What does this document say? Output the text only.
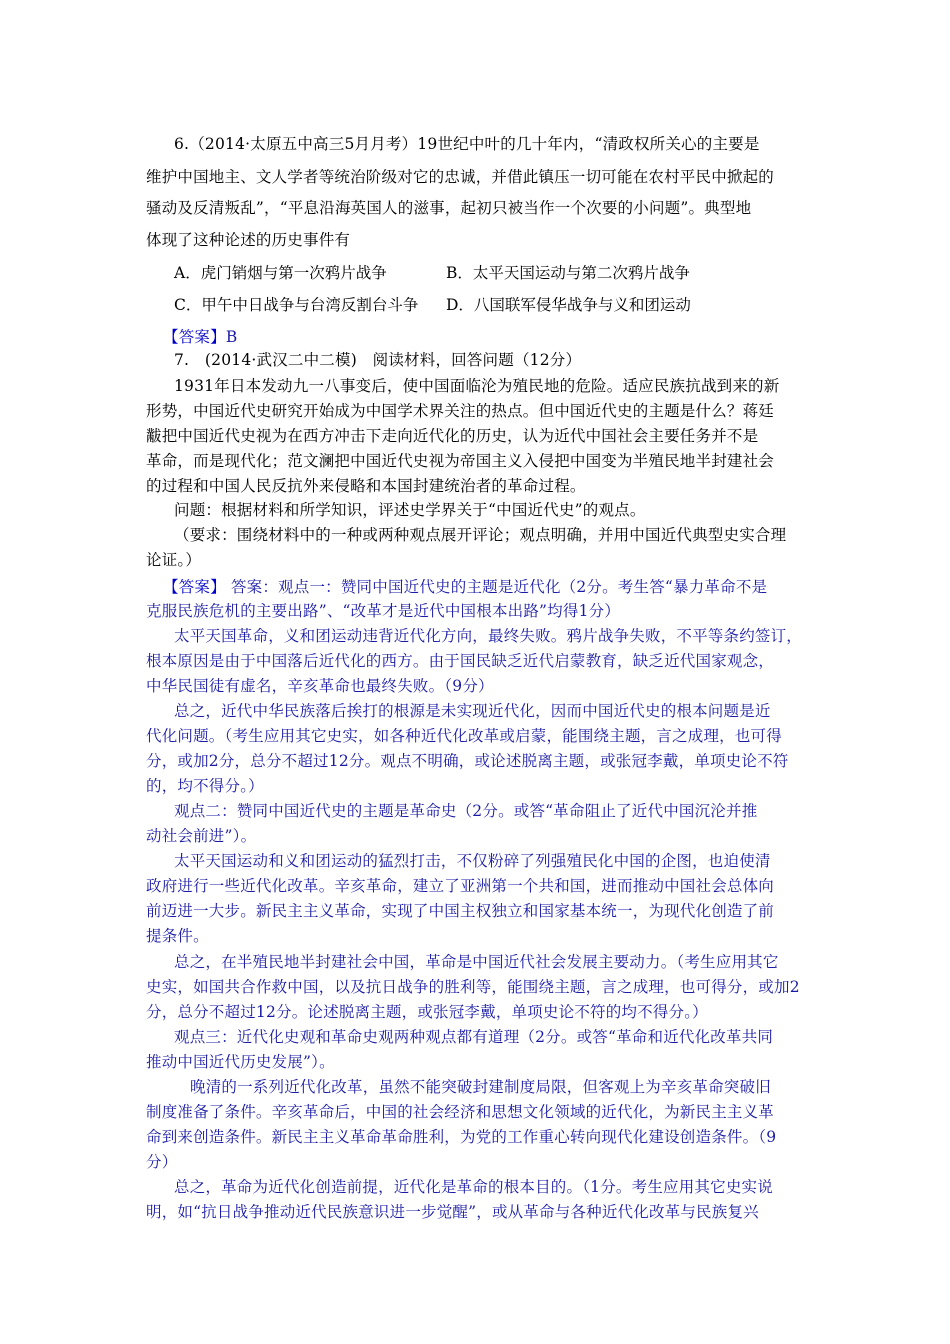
6.（2014·太原五中高三5月月考）19世纪中叶的几十年内，“清政权所关心的主要是
维护中国地主、文人学者等统治阶级对它的忠诚，并借此镇压一切可能在农村平民中掀起的
骚动及反清叛乱”，“平息沿海英国人的滋事，起初只被当作一个次要的小问题”。典型地
体现了这种论述的历史事件有
A．虎门销烟与第一次鸦片战争	B．太平天国运动与第二次鸦片战争
C．甲午中日战争与台湾反割台斗争 D．八国联军侵华战争与义和团运动
【答案】B
7.　(2014·武汉二中二模)　阅读材料，回答问题（12分）
1931年日本发动九一八事变后，使中国面临沦为殖民地的危险。适应民族抗战到来的新
形势，中国近代史研究开始成为中国学术界关注的热点。但中国近代史的主题是什么？蒋廷
黻把中国近代史视为在西方冲击下走向近代化的历史，认为近代中国社会主要任务并不是
革命，而是现代化；范文澜把中国近代史视为帝国主义入侵把中国变为半殖民地半封建社会
的过程和中国人民反抗外来侵略和本国封建统治者的革命过程。
问题：根据材料和所学知识，评述史学界关于“中国近代史”的观点。
（要求：围绕材料中的一种或两种观点展开评论；观点明确，并用中国近代典型史实合理
论证。）
【答案】 答案：观点一：赞同中国近代史的主题是近代化（2分。考生答“暴力革命不是
克服民族危机的主要出路”、“改革才是近代中国根本出路”均得1分）
太平天国革命，义和团运动违背近代化方向，最终失败。鸦片战争失败，不平等条约签订，
根本原因是由于中国落后近代化的西方。由于国民缺乏近代启蒙教育，缺乏近代国家观念，
中华民国徒有虚名，辛亥革命也最终失败。（9分）
总之，近代中华民族落后挨打的根源是未实现近代化，因而中国近代史的根本问题是近
代化问题。（考生应用其它史实，如各种近代化改革或启蒙，能围绕主题，言之成理，也可得
分，或加2分，总分不超过12分。观点不明确，或论述脱离主题，或张冠李戴，单项史论不符
的，均不得分。）
观点二：赞同中国近代史的主题是革命史（2分。或答“革命阻止了近代中国沉沦并推
动社会前进”）。
太平天国运动和义和团运动的猛烈打击，不仅粉碎了列强殖民化中国的企图，也迫使清
政府进行一些近代化改革。辛亥革命，建立了亚洲第一个共和国，进而推动中国社会总体向
前迈进一大步。新民主主义革命，实现了中国主权独立和国家基本统一，为现代化创造了前
提条件。
总之，在半殖民地半封建社会中国，革命是中国近代社会发展主要动力。（考生应用其它
史实，如国共合作救中国，以及抗日战争的胜利等，能围绕主题，言之成理，也可得分，或加2
分，总分不超过12分。论述脱离主题，或张冠李戴，单项史论不符的均不得分。）
观点三：近代化史观和革命史观两种观点都有道理（2分。或答“革命和近代化改革共同
推动中国近代历史发展”）。
晚清的一系列近代化改革，虽然不能突破封建制度局限，但客观上为辛亥革命突破旧
制度准备了条件。辛亥革命后，中国的社会经济和思想文化领域的近代化，为新民主主义革
命到来创造条件。新民主主义革命革命胜利，为党的工作重心转向现代化建设创造条件。（9
分）
总之，革命为近代化创造前提，近代化是革命的根本目的。（1分。考生应用其它史实说
明，如“抗日战争推动近代民族意识进一步觉醒”，或从革命与各种近代化改革与民族复兴
